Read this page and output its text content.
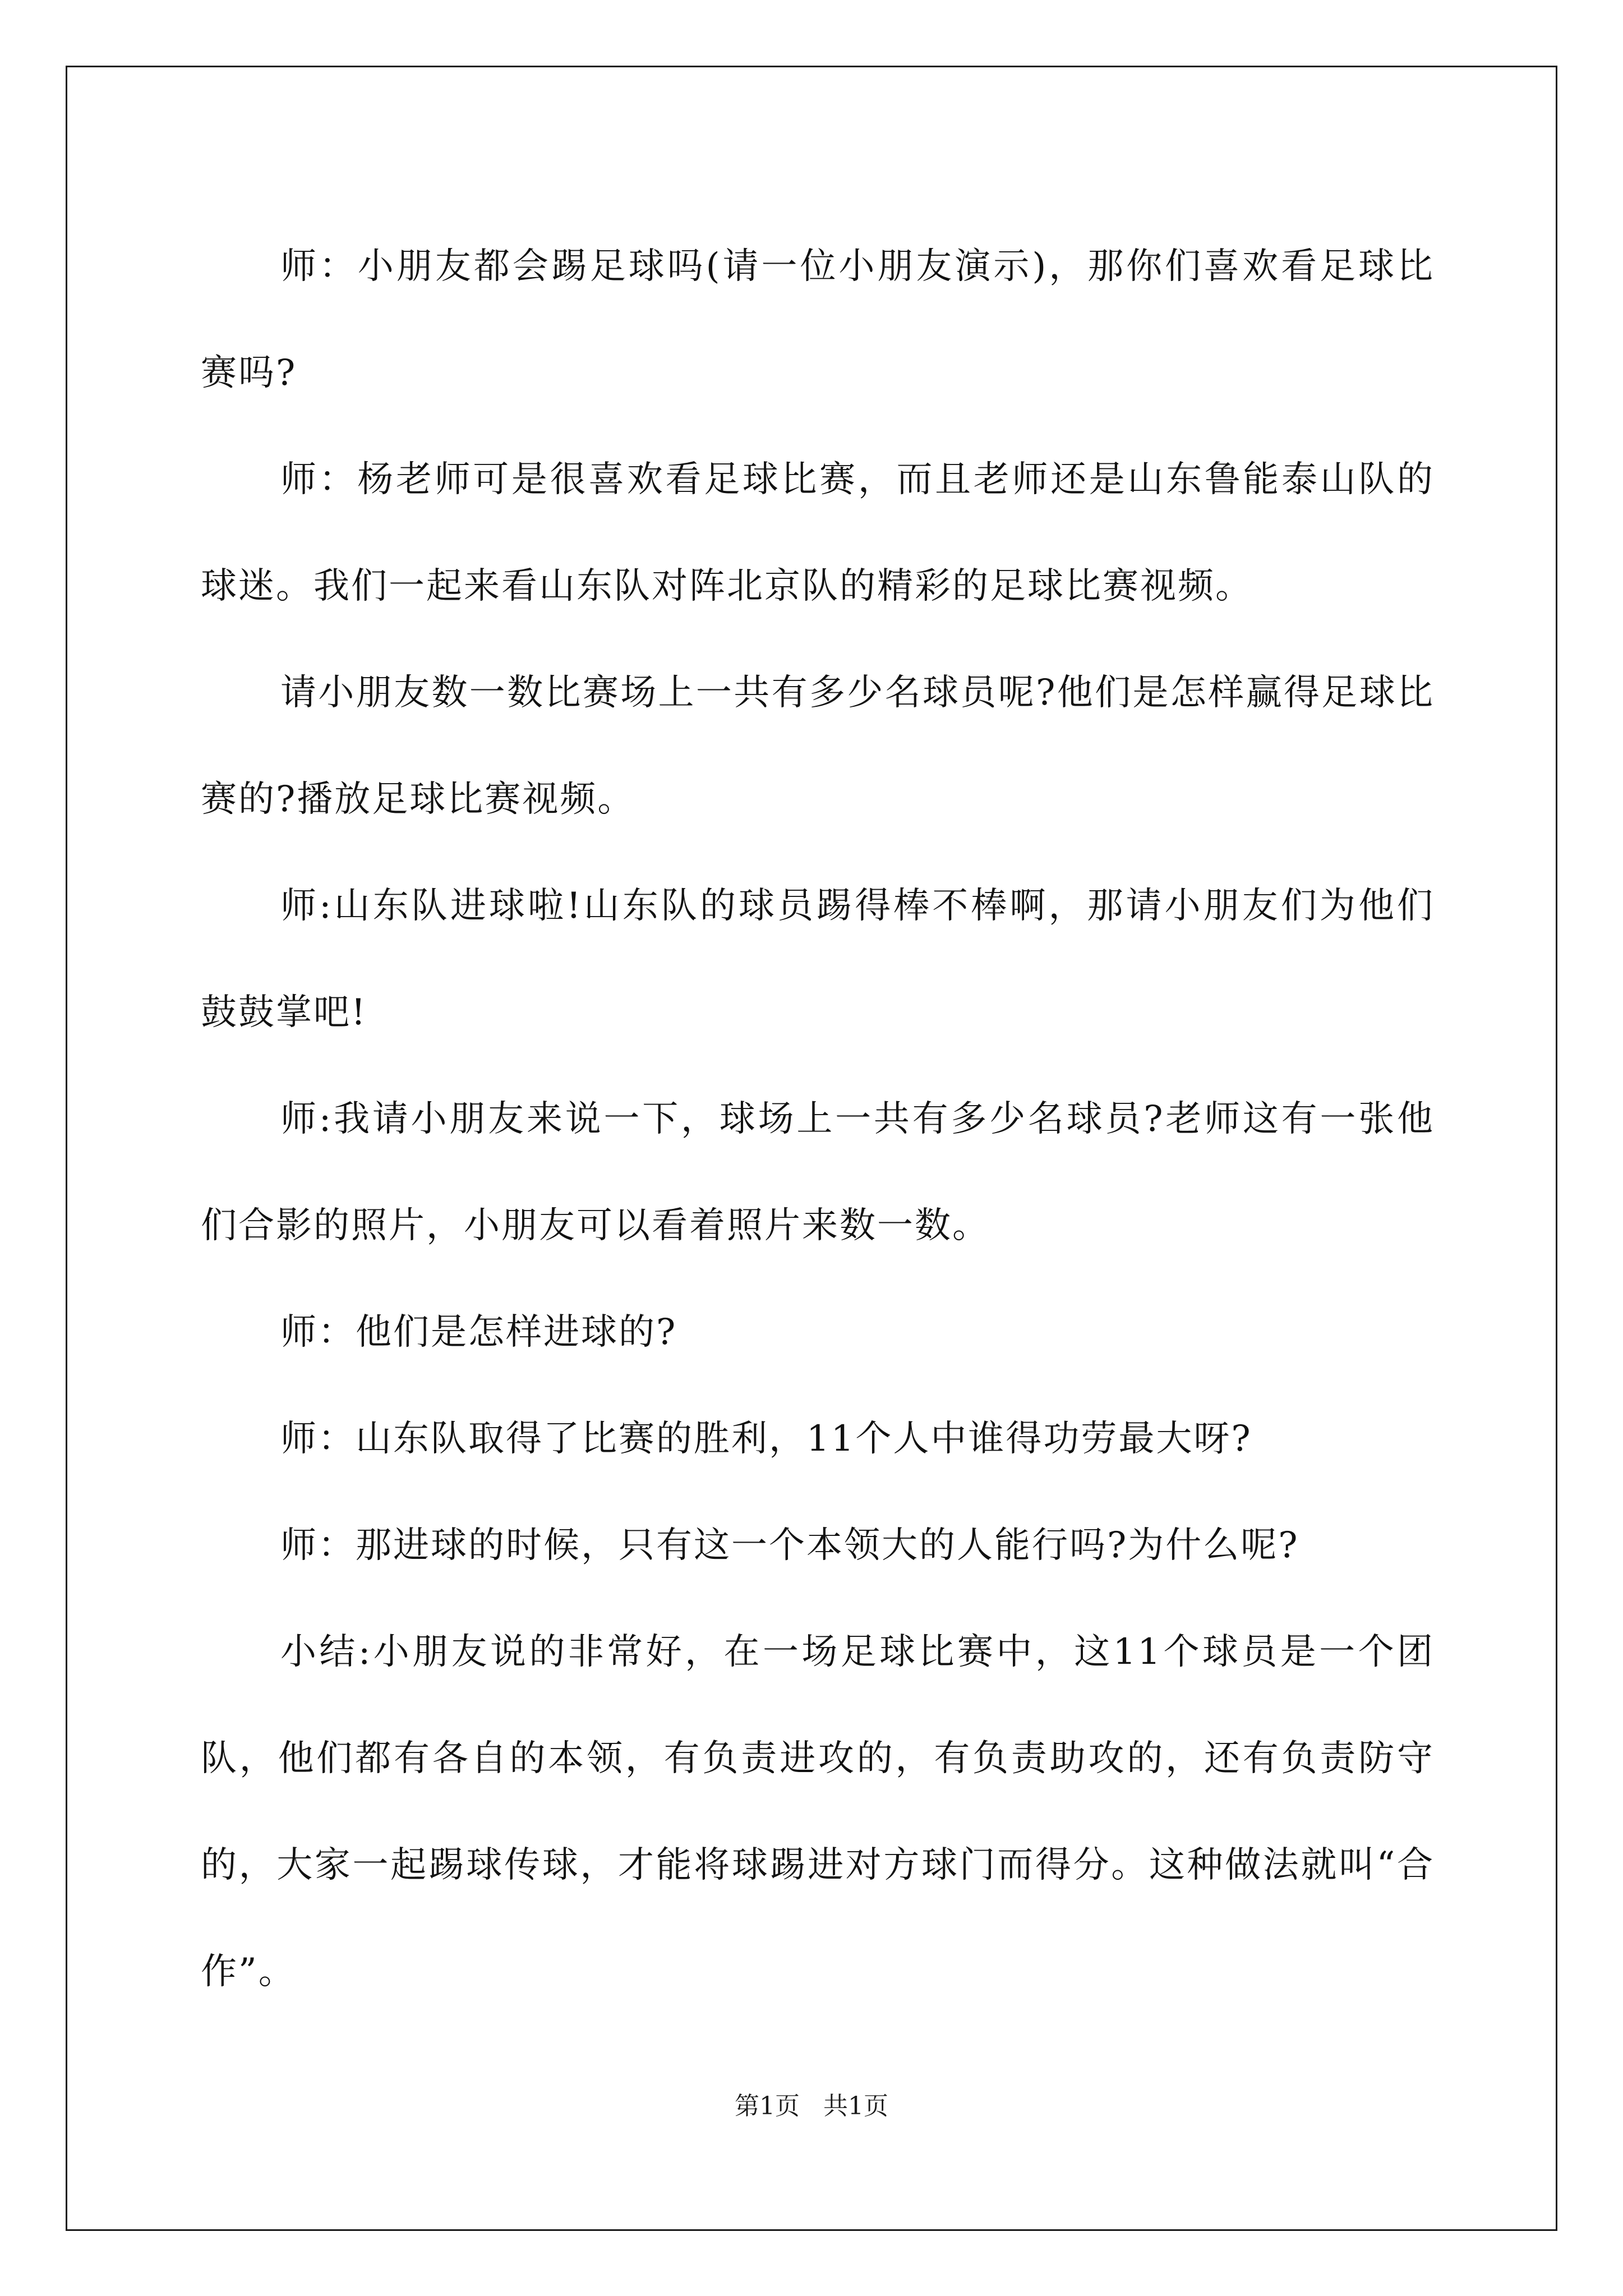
师：小朋友都会踢足球吗(请一位小朋友演示)，那你们喜欢看足球比赛吗?

师：杨老师可是很喜欢看足球比赛，而且老师还是山东鲁能泰山队的球迷。我们一起来看山东队对阵北京队的精彩的足球比赛视频。

请小朋友数一数比赛场上一共有多少名球员呢?他们是怎样赢得足球比赛的?播放足球比赛视频。

师:山东队进球啦!山东队的球员踢得棒不棒啊，那请小朋友们为他们鼓鼓掌吧!

师:我请小朋友来说一下，球场上一共有多少名球员?老师这有一张他们合影的照片，小朋友可以看着照片来数一数。

师：他们是怎样进球的?

师：山东队取得了比赛的胜利，11个人中谁得功劳最大呀?

师：那进球的时候，只有这一个本领大的人能行吗?为什么呢?

小结:小朋友说的非常好，在一场足球比赛中，这11个球员是一个团队，他们都有各自的本领，有负责进攻的，有负责助攻的，还有负责防守的，大家一起踢球传球，才能将球踢进对方球门而得分。这种做法就叫“合作”。

第1页 共1页
